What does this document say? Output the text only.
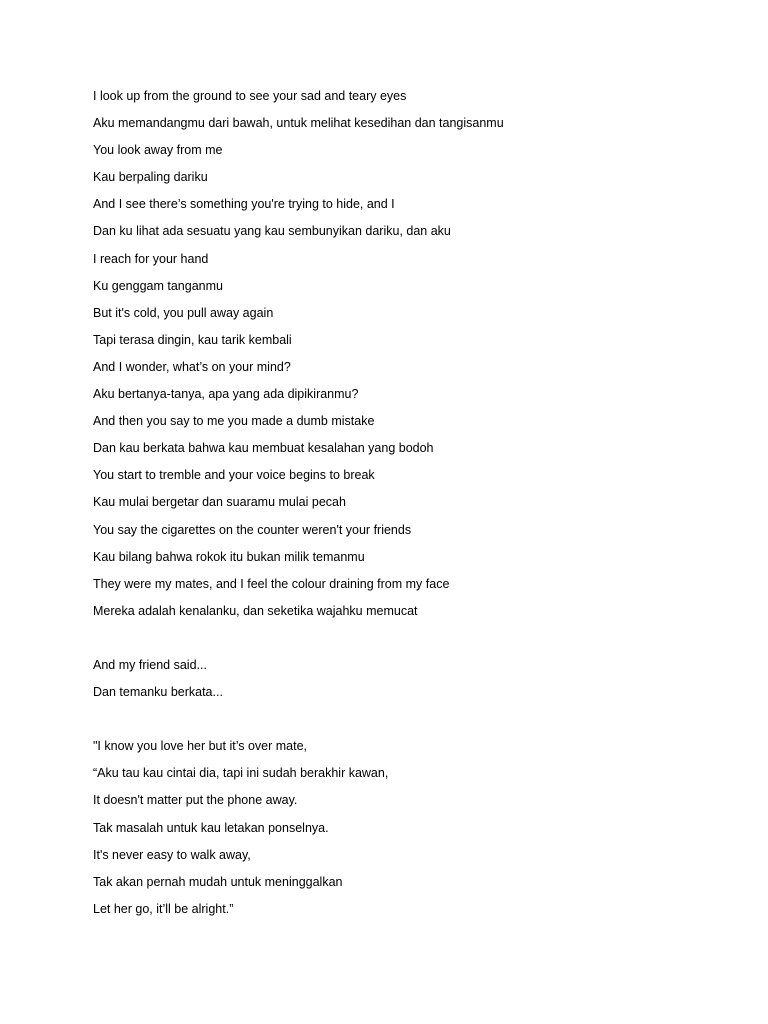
I look up from the ground to see your sad and teary eyes
Aku memandangmu dari bawah, untuk melihat kesedihan dan tangisanmu
You look away from me
Kau berpaling dariku
And I see there’s something you're trying to hide, and I
Dan ku lihat ada sesuatu yang kau sembunyikan dariku, dan aku
I reach for your hand
Ku genggam tanganmu
But it's cold, you pull away again
Tapi terasa dingin, kau tarik kembali
And I wonder, what’s on your mind?
Aku bertanya-tanya, apa yang ada dipikiranmu?
And then you say to me you made a dumb mistake
Dan kau berkata bahwa kau membuat kesalahan yang bodoh
You start to tremble and your voice begins to break
Kau mulai bergetar dan suaramu mulai pecah
You say the cigarettes on the counter weren't your friends
Kau bilang bahwa rokok itu bukan milik temanmu
They were my mates, and I feel the colour draining from my face
Mereka adalah kenalanku, dan seketika wajahku memucat
And my friend said...
Dan temanku berkata...
"I know you love her but it’s over mate,
“Aku tau kau cintai dia, tapi ini sudah berakhir kawan,
It doesn't matter put the phone away.
Tak masalah untuk kau letakan ponselnya.
It's never easy to walk away,
Tak akan pernah mudah untuk meninggalkan
Let her go, it’ll be alright.”
